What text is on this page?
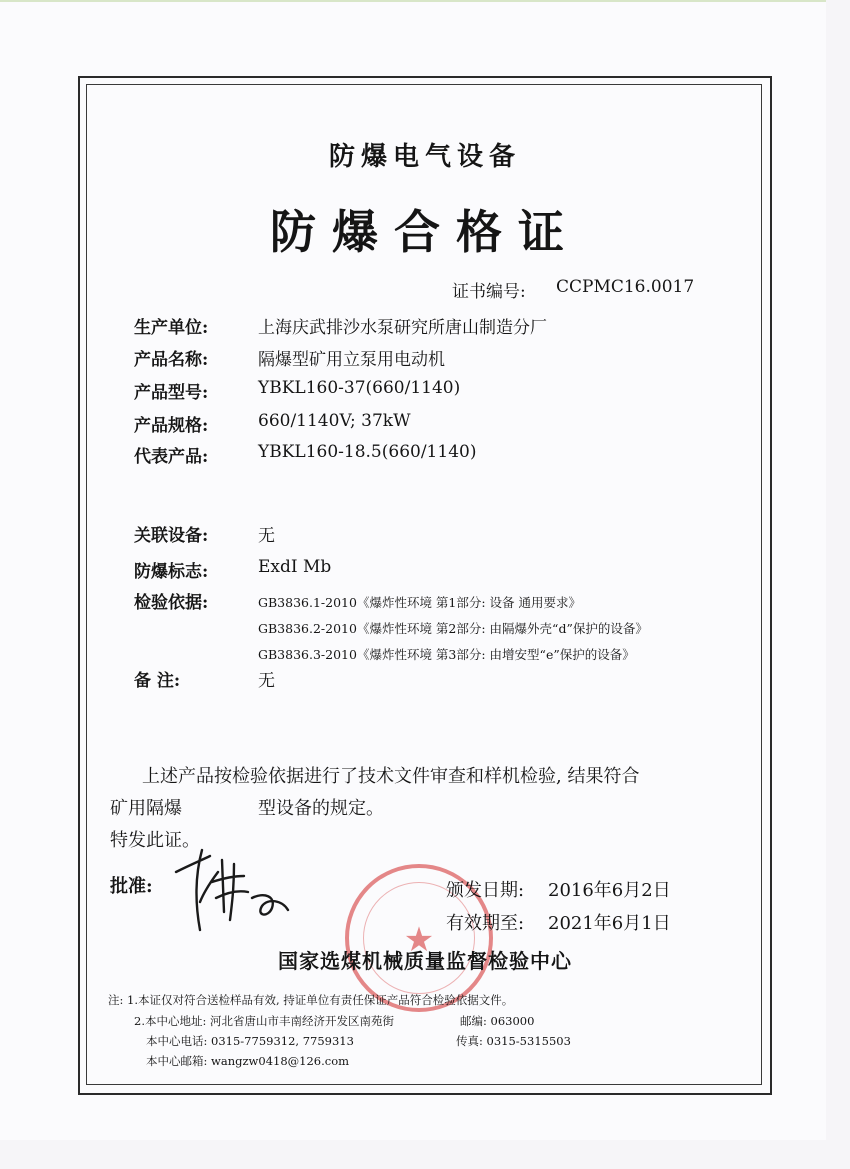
防爆电气设备
防爆合格证
证书编号: CCPMC16.0017
生产单位:	上海庆武排沙水泵研究所唐山制造分厂
产品名称:	隔爆型矿用立泵用电动机
产品型号:	YBKL160-37(660/1140)
产品规格:	660/1140V; 37kW
代表产品:	YBKL160-18.5(660/1140)
关联设备:	无
防爆标志:	ExdI Mb
检验依据:	GB3836.1-2010《爆炸性环境 第1部分: 设备 通用要求》
GB3836.2-2010《爆炸性环境 第2部分: 由隔爆外壳“d”保护的设备》
GB3836.3-2010《爆炸性环境 第3部分: 由增安型“e”保护的设备》
备 注:	无
上述产品按检验依据进行了技术文件审查和样机检验, 结果符合
矿用隔爆	型设备的规定。
特发此证。
批准:
★
颁发日期: 2016年6月2日
有效期至: 2021年6月1日
国家选煤机械质量监督检验中心
注: 1.本证仅对符合送检样品有效, 持证单位有责任保证产品符合检验依据文件。
2.本中心地址: 河北省唐山市丰南经济开发区南苑街	邮编: 063000
本中心电话: 0315-7759312, 7759313	传真: 0315-5315503
本中心邮箱: wangzw0418@126.com
